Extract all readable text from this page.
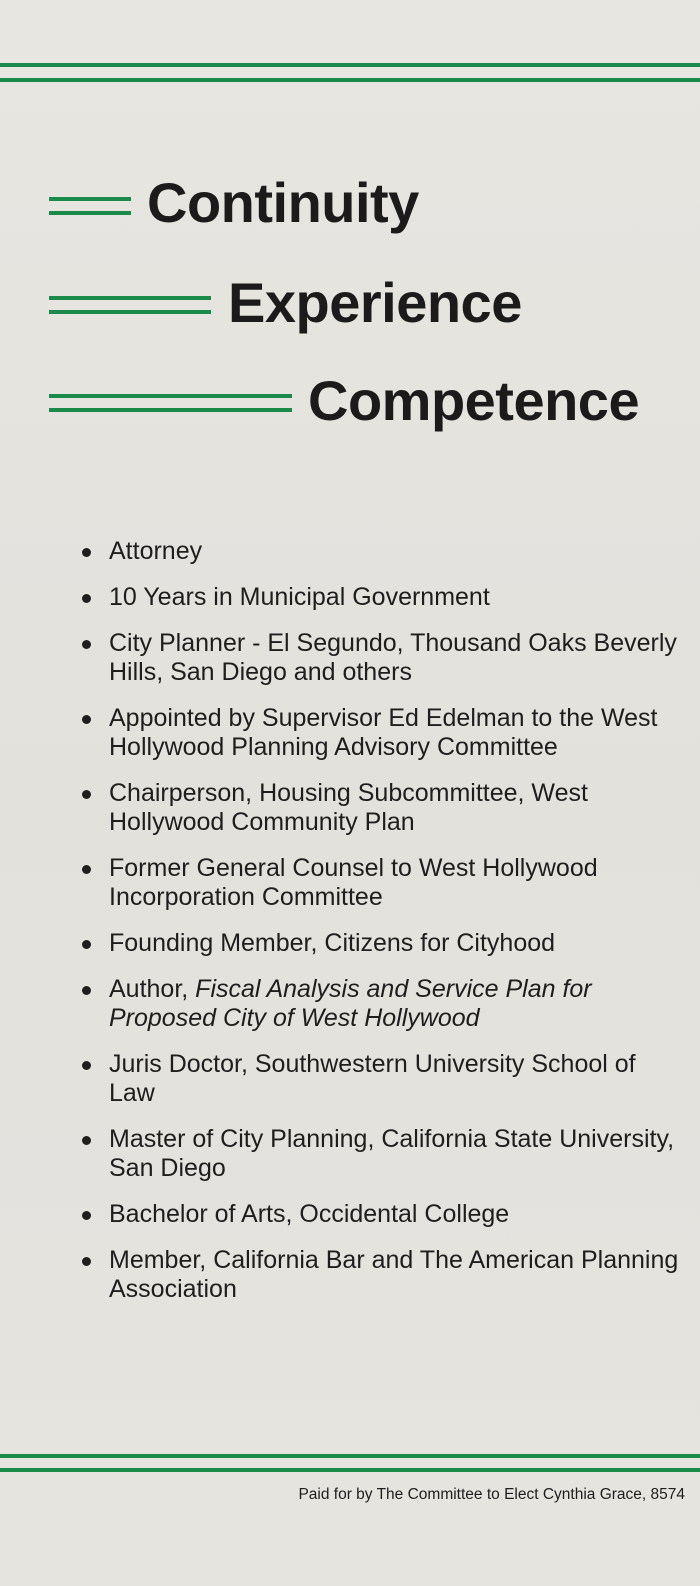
Continuity
Experience
Competence
Attorney
10 Years in Municipal Government
City Planner - El Segundo, Thousand Oaks Beverly Hills, San Diego and others
Appointed by Supervisor Ed Edelman to the West Hollywood Planning Advisory Committee
Chairperson, Housing Subcommittee, West Hollywood Community Plan
Former General Counsel to West Hollywood Incorporation Committee
Founding Member, Citizens for Cityhood
Author, Fiscal Analysis and Service Plan for Proposed City of West Hollywood
Juris Doctor, Southwestern University School of Law
Master of City Planning, California State University, San Diego
Bachelor of Arts, Occidental College
Member, California Bar and The American Planning Association
Paid for by The Committee to Elect Cynthia Grace, 8574
